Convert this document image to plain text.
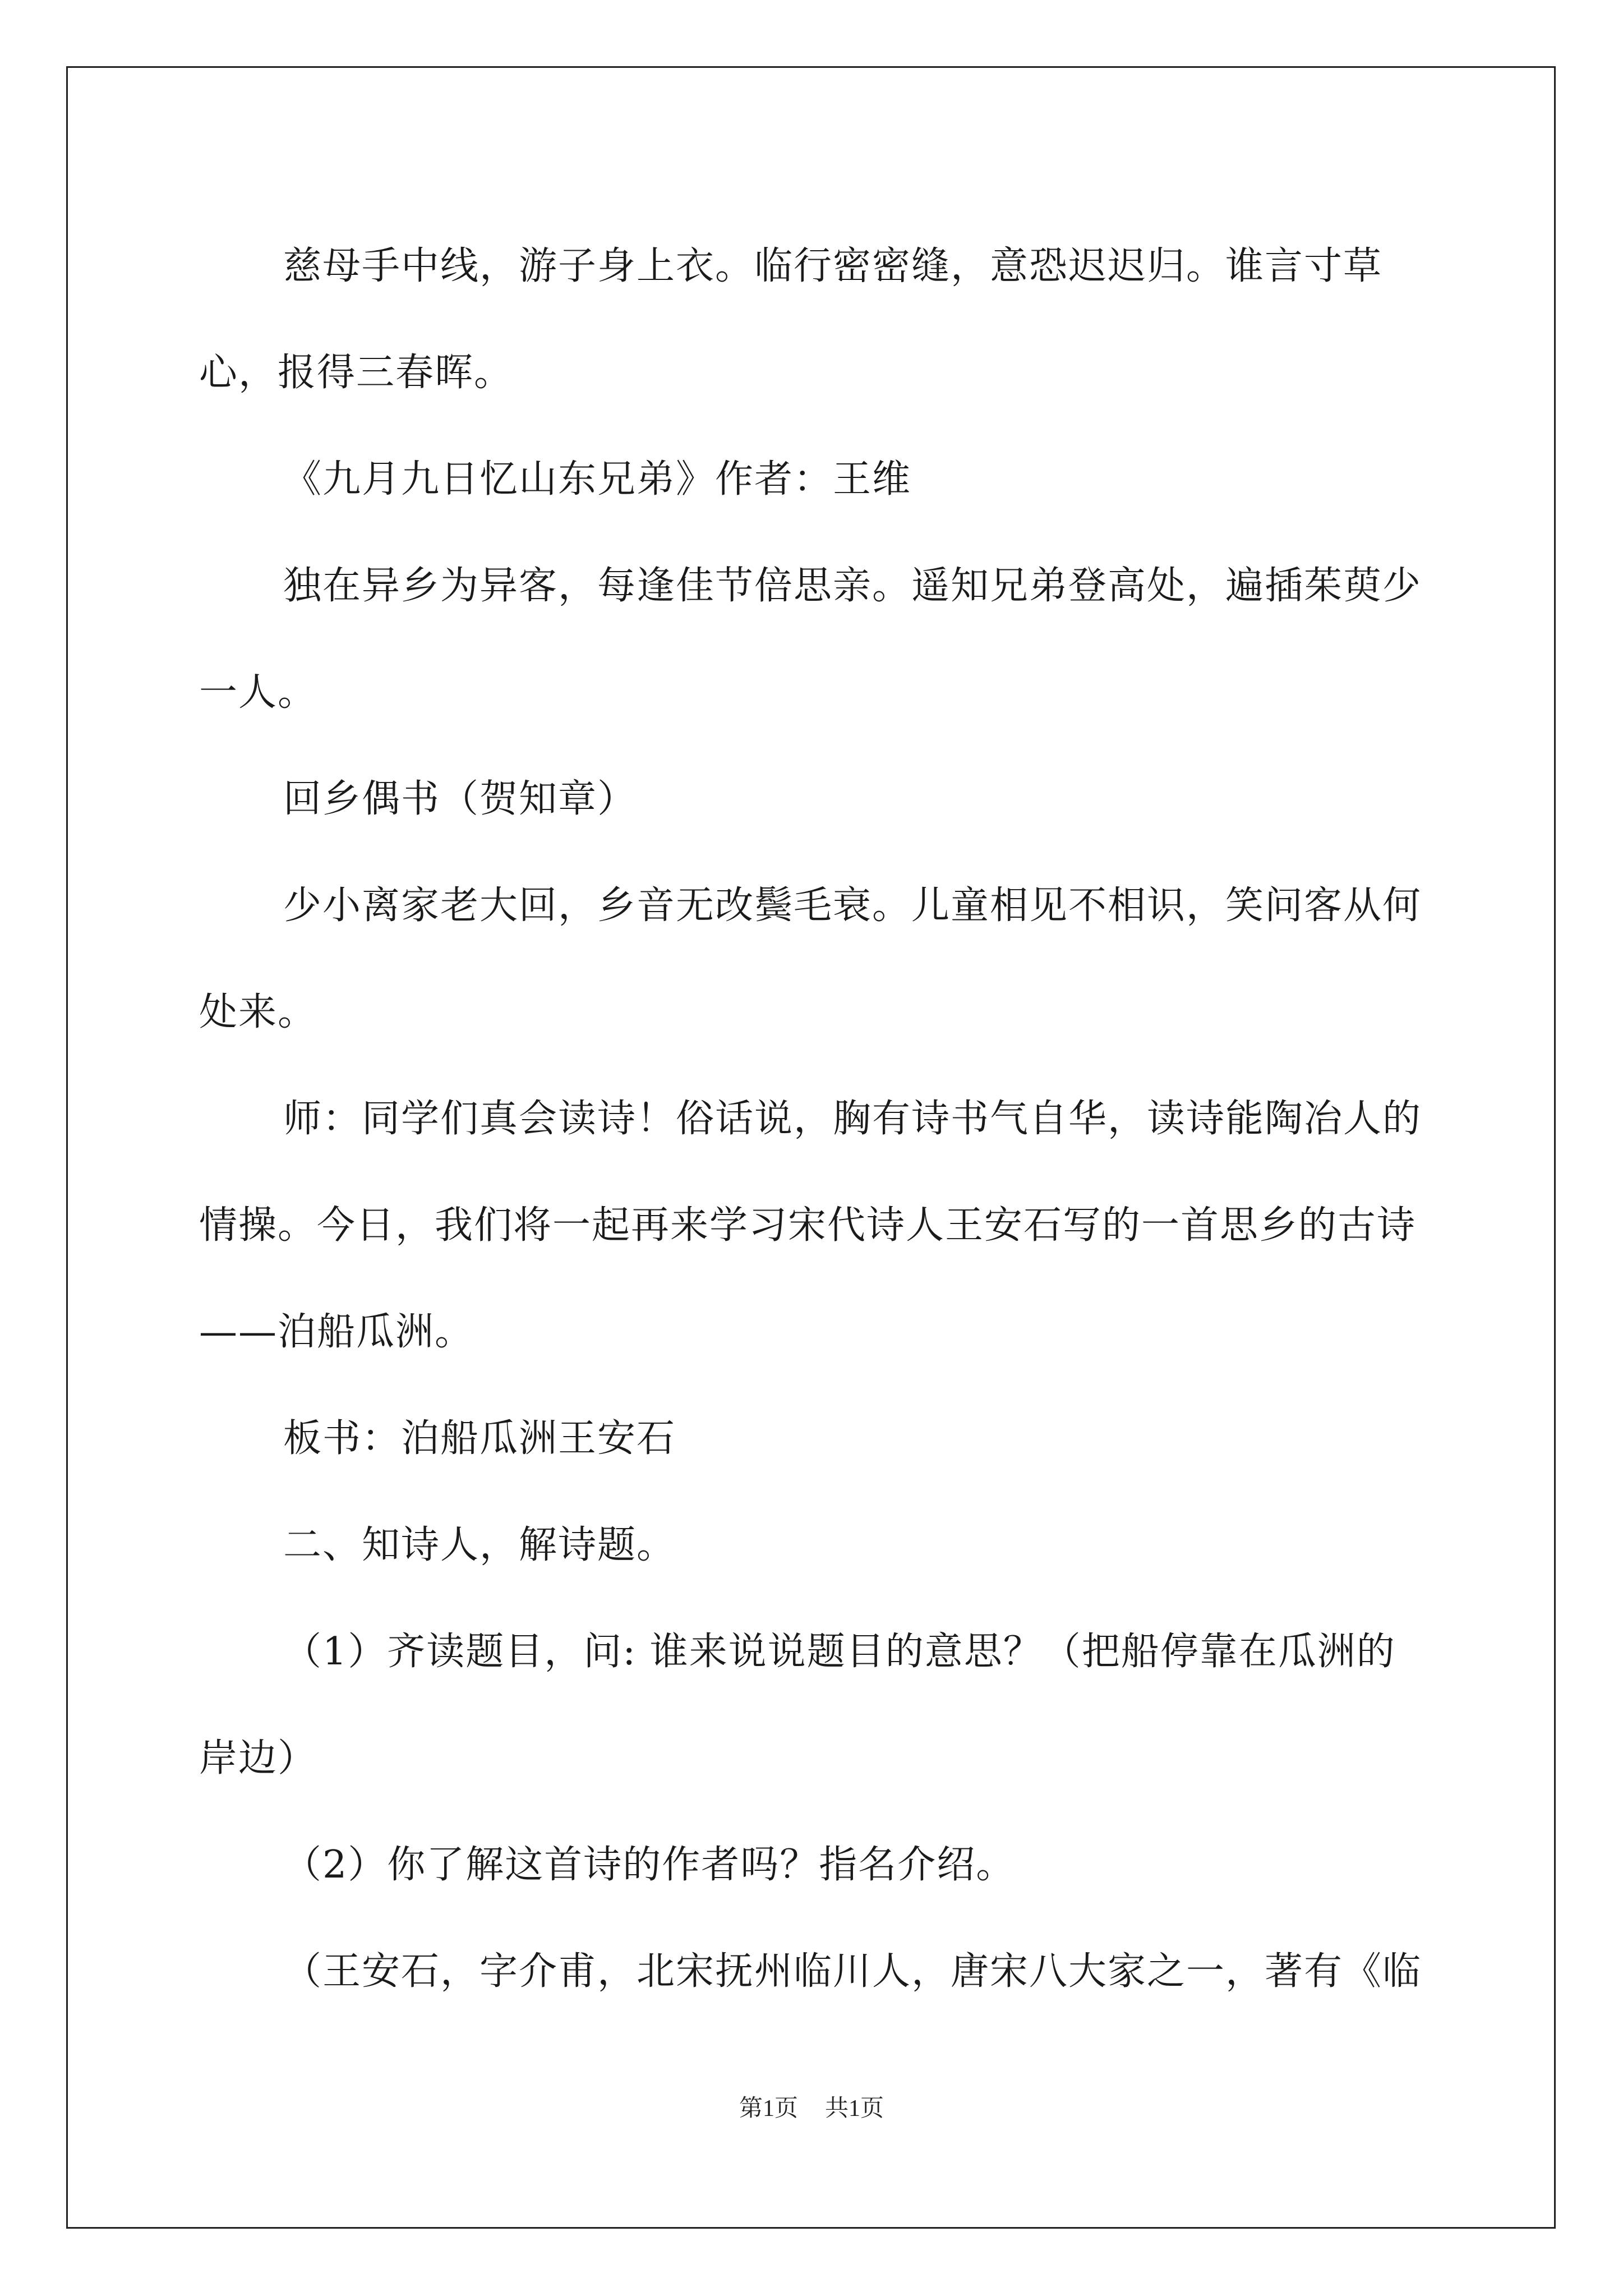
慈母手中线，游子身上衣。临行密密缝，意恐迟迟归。谁言寸草心，报得三春晖。

《九月九日忆山东兄弟》作者：王维

独在异乡为异客，每逢佳节倍思亲。遥知兄弟登高处，遍插茱萸少一人。

回乡偶书（贺知章）

少小离家老大回，乡音无改鬓毛衰。儿童相见不相识，笑问客从何处来。

师：同学们真会读诗！俗话说，胸有诗书气自华，读诗能陶冶人的情操。今日，我们将一起再来学习宋代诗人王安石写的一首思乡的古诗——泊船瓜洲。

板书：泊船瓜洲王安石

二、知诗人，解诗题。

（1）齐读题目，问: 谁来说说题目的意思？（把船停靠在瓜洲的岸边）

（2）你了解这首诗的作者吗？指名介绍。

（王安石，字介甫，北宋抚州临川人，唐宋八大家之一，著有《临

第1页 共1页
